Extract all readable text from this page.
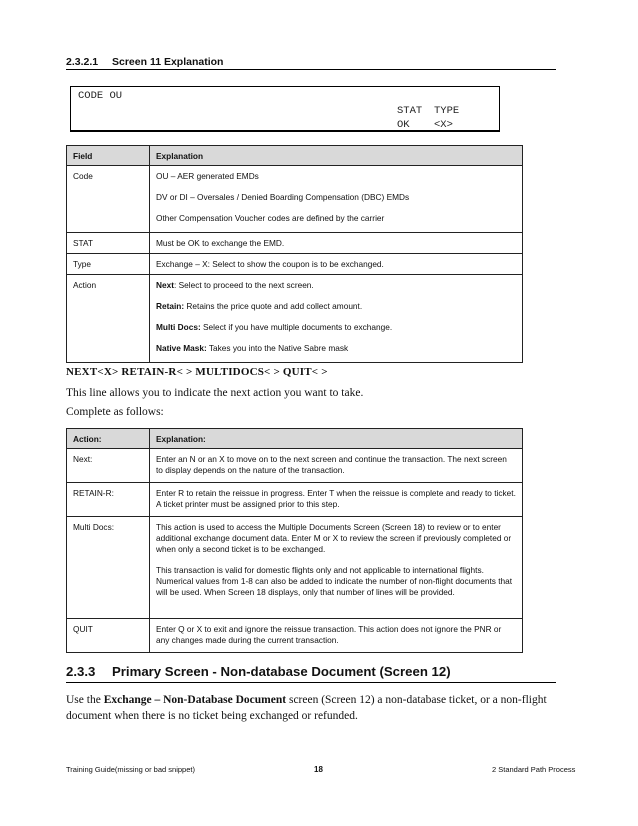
2.3.2.1 Screen 11 Explanation
CODE OU
STAT TYPE
OK <X>
Field	Explanation
Code	OU – AER generated EMDs
DV or DI – Oversales / Denied Boarding Compensation (DBC) EMDs
Other Compensation Voucher codes are defined by the carrier

STAT	Must be OK to exchange the EMD.
Type	Exchange – X: Select to show the coupon is to be exchanged.
Action	Next: Select to proceed to the next screen.
Retain: Retains the price quote and add collect amount.
Multi Docs: Select if you have multiple documents to exchange.
Native Mask: Takes you into the Native Sabre mask
NEXT<X> RETAIN-R< > MULTIDOCS< > QUIT< >
This line allows you to indicate the next action you want to take.
Complete as follows:
Action:	Explanation:
Next:	Enter an N or an X to move on to the next screen and continue the transaction. The next screen to display depends on the nature of the transaction.

RETAIN-R:	Enter R to retain the reissue in progress. Enter T when the reissue is complete and ready to ticket. A ticket printer must be assigned prior to this step.

Multi Docs:	This action is used to access the Multiple Documents Screen (Screen 18) to review or to enter additional exchange document data. Enter M or X to review the screen if previously completed or when only a second ticket is to be exchanged.
This transaction is valid for domestic flights only and not applicable to international flights. Numerical values from 1-8 can also be added to indicate the number of non-flight documents that will be used. When Screen 18 displays, only that number of lines will be provided.

QUIT	Enter Q or X to exit and ignore the reissue transaction. This action does not ignore the PNR or any changes made during the current transaction.
2.3.3 Primary Screen - Non-database Document (Screen 12)
Use the Exchange – Non-Database Document screen (Screen 12) a non-database ticket, or a non-flight document when there is no ticket being exchanged or refunded.
Training Guide(missing or bad snippet)	18	2 Standard Path Process
